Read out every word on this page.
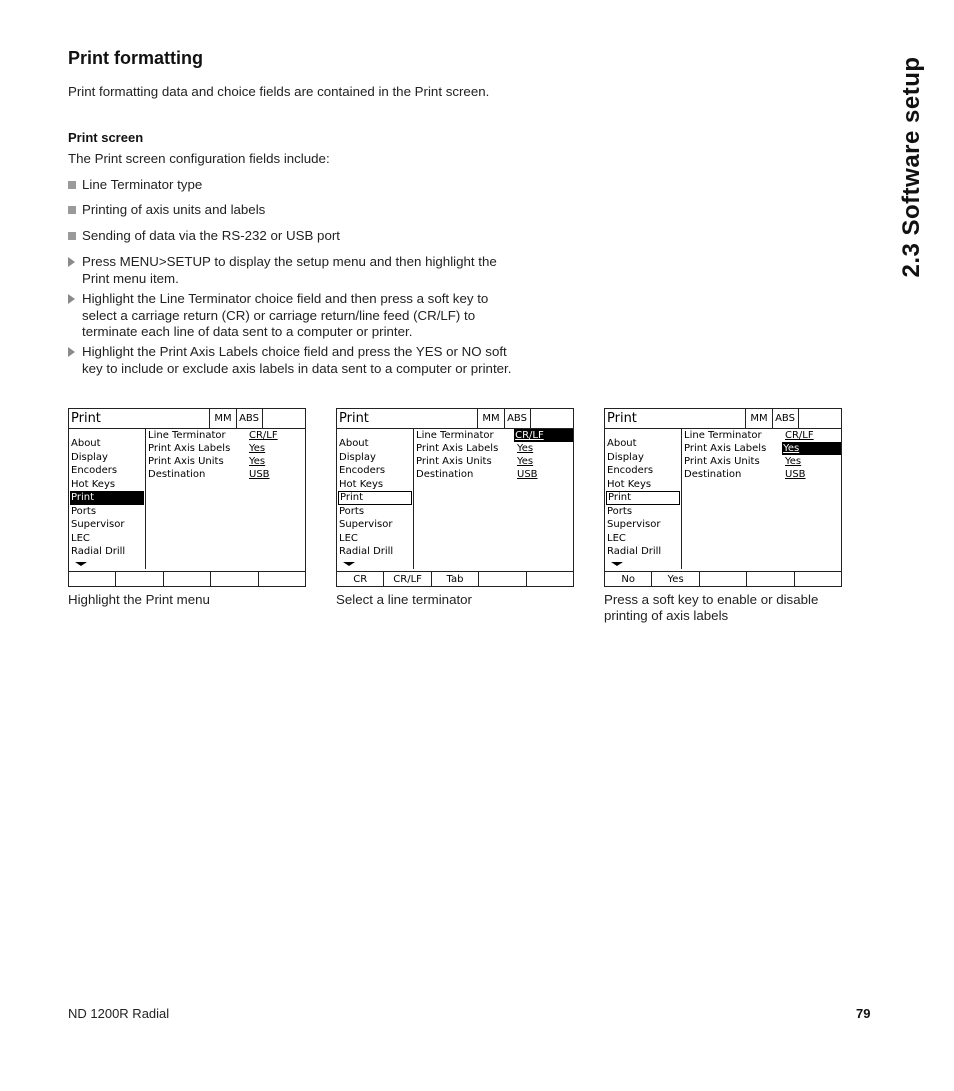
2.3 Software setup
Print formatting
Print formatting data and choice fields are contained in the Print screen.
Print screen
The Print screen configuration fields include:
Line Terminator type
Printing of axis units and labels
Sending of data via the RS-232 or USB port
Press MENU>SETUP to display the setup menu and then highlight the Print menu item.
Highlight the Line Terminator choice field and then press a soft key to select a carriage return (CR) or carriage return/line feed (CR/LF) to terminate each line of data sent to a computer or printer.
Highlight the Print Axis Labels choice field and press the YES or NO soft key to include or exclude axis labels in data sent to a computer or printer.
Print	MM ABS
About
Display
Encoders
Hot Keys
Print
Ports
Supervisor
LEC
Radial Drill
Line Terminator	CR/LF
Print Axis Labels	Yes
Print Axis Units	Yes
Destination	USB
Print	MM ABS
About
Display
Encoders
Hot Keys
Print
Ports
Supervisor
LEC
Radial Drill
Line Terminator	CR/LF
Print Axis Labels	Yes
Print Axis Units	Yes
Destination	USB
CR	CR/LF	Tab
Print	MM ABS
About
Display
Encoders
Hot Keys
Print
Ports
Supervisor
LEC
Radial Drill
Line Terminator	CR/LF
Print Axis Labels	Yes
Print Axis Units	Yes
Destination	USB
No	Yes
Highlight the Print menu	Select a line terminator	Press a soft key to enable or disable printing of axis labels
ND 1200R Radial	79
